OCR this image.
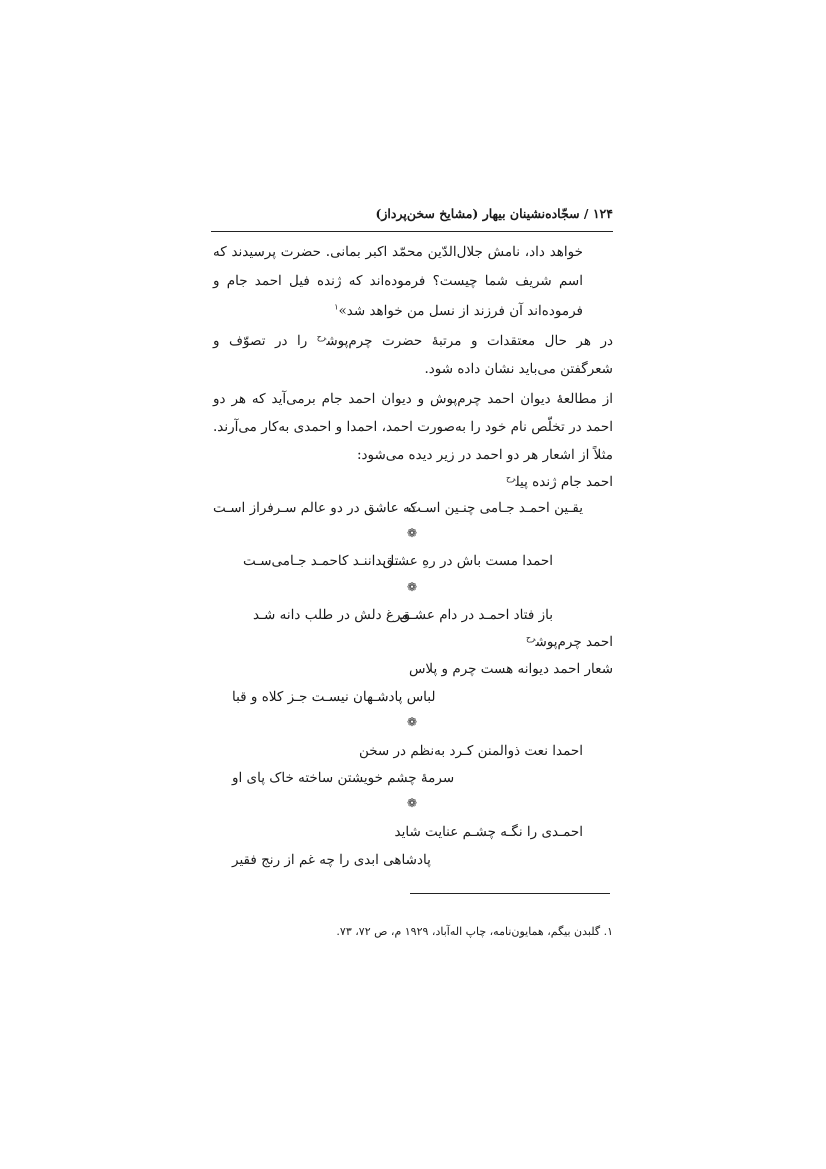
۱۲۴ / سجّاده‌نشینان بیهار (مشایخ سخن‌پرداز)
خواهد داد، نامش جلال‌الدّین محمّد اکبر بمانی. حضرت پرسیدند که
اسم شریف شما چیست؟ فرموده‌اند که ژنده فیل احمد جام و
فرموده‌اند آن فرزند از نسل من خواهد شد»$^۱$
در هر حال معتقدات و مرتبهٔ حضرت چرم‌پوش$^{رح}$ را در تصوّف و
شعرگفتن می‌باید نشان داده شود.
از مطالعهٔ دیوان احمد چرم‌پوش و دیوان احمد جام برمی‌آید که هر دو
احمد در تخلّص نام خود را به‌صورت احمد، احمدا و احمدی به‌کار می‌آرند.
مثلاً از اشعار هر دو احمد در زیر دیده می‌شود:
احمد جام ژنده پیل$^{رح}$
یقـین احمـد جـامی چنـین اسـت
که عاشق در دو عالم سـرفراز اسـت
❁
احمدا مست باش در رهِ عشـق
تا بداننـد کاحمـد جـامی‌سـت
❁
باز فتاد احمـد در دام عشـق
مرغ دلش در طلب دانه شـد
احمد چرم‌پوش$^{رح}$
شعار احمد دیوانه هست چرم و پلاس
لباس پادشـهان نیسـت جـز کلاه و قبا
❁
احمدا نعت ذوالمنن کـرد به‌نظم در سخن
سرمهٔ چشم خویشتن ساخته خاک پای او
❁
احمـدی را نگـه چشـم عنایت شاید
پادشاهی ابدی را چه غم از رنج فقیر
۱. گلبدن بیگم، همایون‌نامه، چاپ اله‌آباد، ۱۹۲۹ م، ص ۷۲، ۷۳.
